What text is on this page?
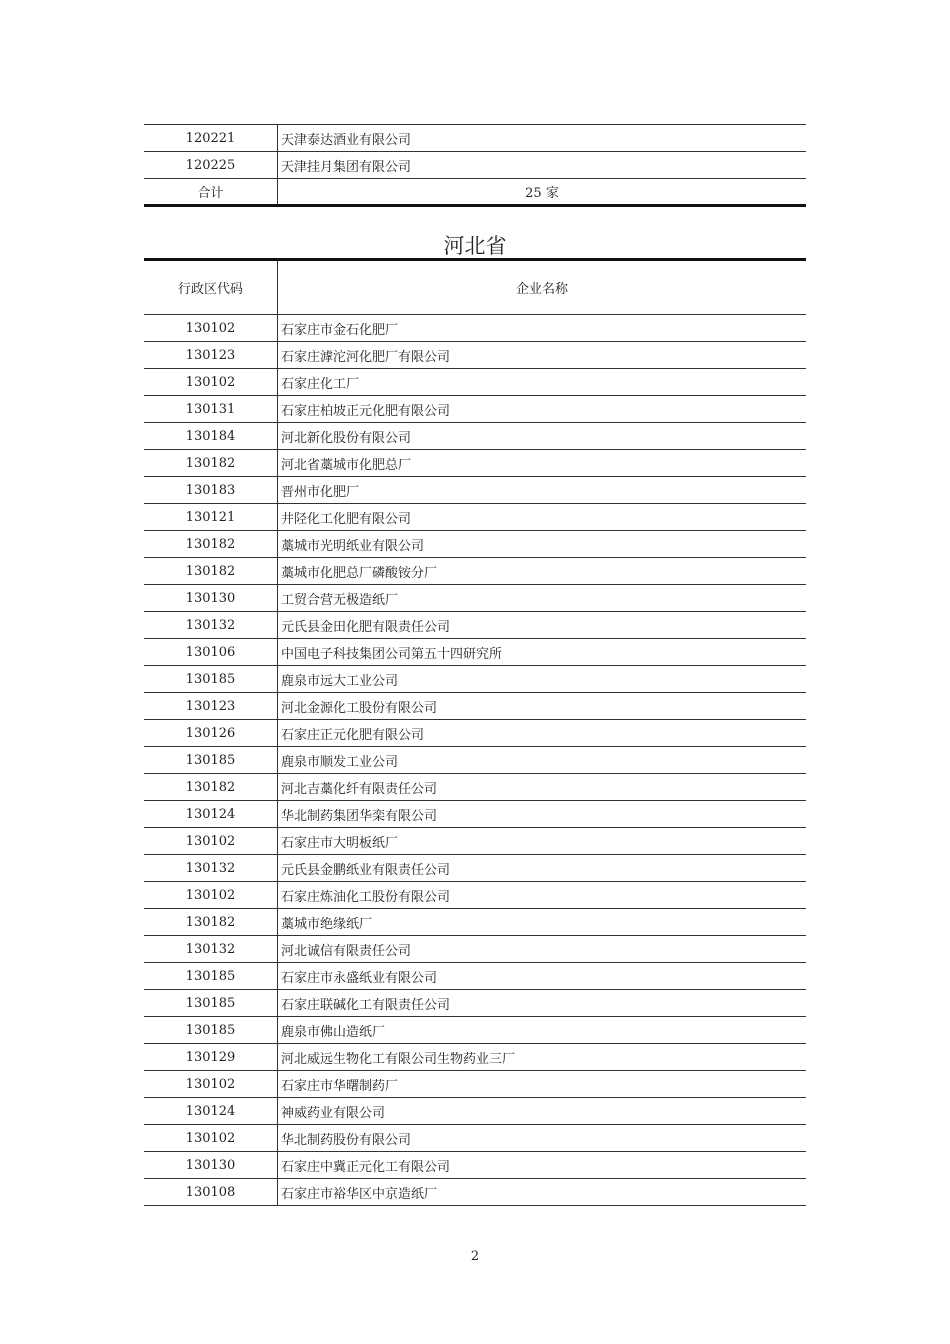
120221	天津泰达酒业有限公司
120225	天津挂月集团有限公司
合计	25 家
河北省
行政区代码	企业名称
130102	石家庄市金石化肥厂
130123	石家庄滹沱河化肥厂有限公司
130102	石家庄化工厂
130131	石家庄柏坡正元化肥有限公司
130184	河北新化股份有限公司
130182	河北省藁城市化肥总厂
130183	晋州市化肥厂
130121	井陉化工化肥有限公司
130182	藁城市光明纸业有限公司
130182	藁城市化肥总厂磷酸铵分厂
130130	工贸合营无极造纸厂
130132	元氏县金田化肥有限责任公司
130106	中国电子科技集团公司第五十四研究所
130185	鹿泉市远大工业公司
130123	河北金源化工股份有限公司
130126	石家庄正元化肥有限公司
130185	鹿泉市顺发工业公司
130182	河北吉藁化纤有限责任公司
130124	华北制药集团华栾有限公司
130102	石家庄市大明板纸厂
130132	元氏县金鹏纸业有限责任公司
130102	石家庄炼油化工股份有限公司
130182	藁城市绝缘纸厂
130132	河北诚信有限责任公司
130185	石家庄市永盛纸业有限公司
130185	石家庄联碱化工有限责任公司
130185	鹿泉市佛山造纸厂
130129	河北威远生物化工有限公司生物药业三厂
130102	石家庄市华曙制药厂
130124	神威药业有限公司
130102	华北制药股份有限公司
130130	石家庄中冀正元化工有限公司
130108	石家庄市裕华区中京造纸厂
2
